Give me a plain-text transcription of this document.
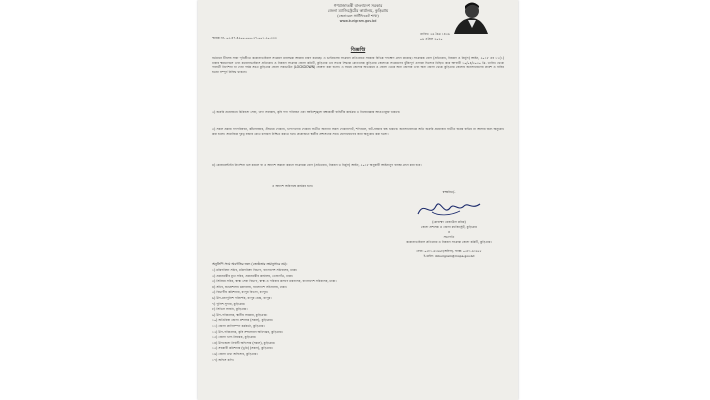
গণপ্রজাতন্ত্রী বাংলাদেশ সরকার
জেলা ম্যাজিস্ট্রেটের কার্যালয়, কুড়িগ্রাম
(জেনারেল সার্টিফিকেট শাখা)
www.kurigram.gov.bd
স্মারক নং- ০৫.৪৭.৪৯০০.০০০.২৭.০০১.২০-৩৩৩
তারিখ: ২৬ চৈত্র ১৪২৬
০৯ এপ্রিল ২০২০
বিজ্ঞপ্তি
বর্তমানে চীনসহ সারা পৃথিবীতে করোনাভাইরাস সংক্রমণ মারাত্মক আকার ধারণ করেছে। এ ভাইরাসের সংক্রমণ প্রতিরোধে সরকার বিভিন্ন পদক্ষেপ গ্রহণ করেছে। সংক্রামক রোগ (প্রতিরোধ, নিয়ন্ত্রণ ও নির্মূল) আইন, ২০১৮ এর ১১(১) ধারার ক্ষমতাবলে এবং করোনাভাইরাস প্রতিরোধ ও নিয়ন্ত্রণ সংক্রান্ত জেলা কমিটি, কুড়িগ্রাম এর সভার সিদ্ধান্ত মোতাবেক কুড়িগ্রাম জেলাকে সংক্রমণের ঝুঁকিপূর্ণ এলাকা হিসেবে চিহ্নিত করে আগামী ১০/০৪/২০২০ খ্রি. তারিখ থেকে পরবর্তী নির্দেশনা না দেয়া পর্যন্ত সমগ্র কুড়িগ্রাম জেলা লকডাউন (LOCKDOWN) ঘোষণা করা হলো। এ সময়ে জেলার অভ্যন্তরে ও জেলা থেকে অন্য জেলায় এবং অন্য জেলা থেকে কুড়িগ্রাম জেলায় জনসাধারণের প্রবেশ ও বাহির হওয়া সম্পূর্ণ নিষিদ্ধ থাকবে।
২) জরুরি প্রয়োজনে চিকিৎসা সেবা, খাদ্য সরবরাহ, কৃষি পণ্য পরিবহন এবং আইনশৃঙ্খলা রক্ষাকারী বাহিনীর কার্যক্রম এ নিষেধাজ্ঞার আওতামুক্ত থাকবে।
৩) সকল প্রকার গণপরিবহন, কাঁচাবাজার, ঔষধের দোকান, খাদ্যপণ্যের দোকান ব্যতীত অন্যান্য সকল দোকানপাট, শপিংমল, হাট-বাজার বন্ধ থাকবে। জনসাধারণকে অতি জরুরি প্রয়োজন ব্যতীত ঘরের বাইরে না আসার জন্য অনুরোধ করা হলো। সামাজিক দূরত্ব বজায় রেখে চলাচল নিশ্চিত করতে হবে। প্রয়োজনে স্থানীয় প্রশাসনের সাথে যোগাযোগের জন্য অনুরোধ করা হলো।
৪) কোয়ারেন্টাইন নির্দেশনা ভঙ্গ করলে বা এ আদেশ অমান্য করলে সংক্রামক রোগ (প্রতিরোধ, নিয়ন্ত্রণ ও নির্মূল) আইন, ২০১৮ অনুযায়ী আইনানুগ ব্যবস্থা গ্রহণ করা হবে।
এ আদেশ অবিলম্বে কার্যকর হবে।
স্বাক্ষরিত/-
(মোহাম্মদ রেজাউল করিম)
জেলা প্রশাসক ও জেলা ম্যাজিস্ট্রেট, কুড়িগ্রাম
ও
সভাপতি
করোনাভাইরাস প্রতিরোধ ও নিয়ন্ত্রণ সংক্রান্ত জেলা কমিটি, কুড়িগ্রাম।
ফোন: ০৫৮১-৬১৬৯৮(অফিস), ফ্যাক্স: ০৫৮১-৬১৬৫৫
ই-মেইল: dckurigram@mopa.gov.bd
অনুলিপি সদয় অবগতির জন্য (জ্যেষ্ঠতার ক্রমানুসারে নয়):
১) মন্ত্রিপরিষদ সচিব, মন্ত্রিপরিষদ বিভাগ, বাংলাদেশ সচিবালয়, ঢাকা।
২) প্রধানমন্ত্রীর মুখ্য সচিব, প্রধানমন্ত্রীর কার্যালয়, তেজগাঁও, ঢাকা।
৩) সিনিয়র সচিব, স্বাস্থ্য সেবা বিভাগ, স্বাস্থ্য ও পরিবার কল্যাণ মন্ত্রণালয়, বাংলাদেশ সচিবালয়, ঢাকা।
৪) সচিব, জনপ্রশাসন মন্ত্রণালয়, বাংলাদেশ সচিবালয়, ঢাকা।
৫) বিভাগীয় কমিশনার, রংপুর বিভাগ, রংপুর।
৬) উপ-মহাপুলিশ পরিদর্শক, রংপুর রেঞ্জ, রংপুর।
৭) পুলিশ সুপার, কুড়িগ্রাম।
৮) সিভিল সার্জন, কুড়িগ্রাম।
৯) উপ-পরিচালক, স্থানীয় সরকার, কুড়িগ্রাম।
১০) অতিরিক্ত জেলা প্রশাসক (সকল), কুড়িগ্রাম।
১১) জেলা প্রাণিসম্পদ কর্মকর্তা, কুড়িগ্রাম।
১২) উপ-পরিচালক, কৃষি সম্প্রসারণ অধিদপ্তর, কুড়িগ্রাম।
১৩) জেলা খাদ্য নিয়ন্ত্রক, কুড়িগ্রাম।
১৪) উপজেলা নির্বাহী অফিসার (সকল), কুড়িগ্রাম।
১৫) সহকারী কমিশনার (ভূমি) (সকল), কুড়িগ্রাম।
১৬) জেলা তথ্য অফিসার, কুড়িগ্রাম।
১৭) অফিস কপি।
